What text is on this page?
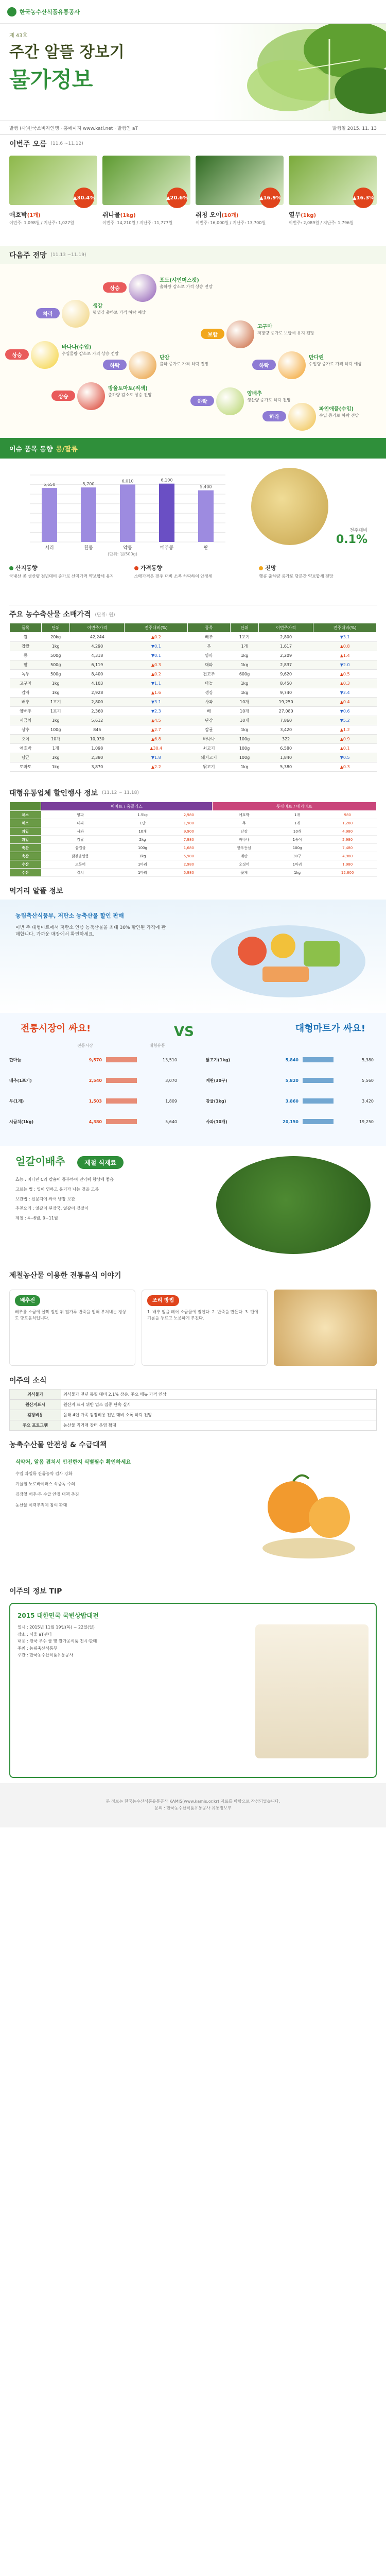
한국농수산식품유통공사
제 43호
주간 알뜰 장보기
물가정보
발행 (사)한국소비자연맹 · 홈페이지 www.kati.net · 발행인 aT	발행일 2015. 11. 13
이번주 오름 (11.6 ~11.12)
▲30.4%
애호박(1개)
이번주: 1,098원 / 지난주: 1,027원
▲20.6%
취나물(1kg)
이번주: 14,210원 / 지난주: 11,777원
▲16.9%
취청 오이(10개)
이번주: 16,000원 / 지난주: 13,700원
▲16.3%
열무(1kg)
이번주: 2,089원 / 지난주: 1,796원
다음주 전망 (11.13 ~11.19)
포도(샤인머스캣)
출하량 감소로 가격 상승 전망
상승
생강
햇생강 출하로 가격 하락 예상
하락
고구마
저장량 증가로 보합세 유지 전망
보합
바나나(수입)
수입물량 감소로 가격 상승 전망
상승	단감
출하 증가로 가격 하락 전망
하락
만다린
수입량 증가로 가격 하락 예상
하락
방울토마토(적색)
출하량 감소로 상승 전망
상승	양배추
생산량 증가로 하락 전망
하락
파인애플(수입)
수입 증가로 하락 전망
하락
이슈 품목 동향 콩/팥류
5,650
서리
5,700
흰콩
6,010
약콩
6,100
메주콩
5,400
팥
(단위: 원/500g)
전주대비
0.1%
산지동향
국내산 콩 생산량 전년대비 증가로 산지가격 약보합세 유지
가격동향
소매가격은 전주 대비 소폭 하락하여 안정세
전망
햇콩 출하량 증가로 당분간 약보합세 전망
주요 농수축산물 소매가격 (단위: 원)
품목	단위	이번주가격	전주대비(%)	품목	단위	이번주가격	전주대비(%)
쌀	20kg	42,244	▲0.2	배추	1포기	2,800	▼3.1
찹쌀	1kg	4,290	▼0.1	무	1개	1,617	▲0.8
콩	500g	4,318	▼0.1	양파	1kg	2,209	▲1.4
팥	500g	6,119	▲0.3	대파	1kg	2,837	▼2.0
녹두	500g	8,400	▲0.2	건고추	600g	9,620	▲0.5
고구마	1kg	4,103	▼1.1	마늘	1kg	8,450	▲0.3
감자	1kg	2,928	▲1.6	생강	1kg	9,740	▼2.4
배추	1포기	2,800	▼3.1	사과	10개	19,250	▲0.4
양배추	1포기	2,360	▼2.3	배	10개	27,080	▼0.6
시금치	1kg	5,612	▲4.5	단감	10개	7,860	▼5.2
상추	100g	845	▲2.7	감귤	1kg	3,420	▲1.2
오이	10개	10,930	▲6.8	바나나	100g	322	▲0.9
애호박	1개	1,098	▲30.4	쇠고기	100g	6,580	▲0.1
당근	1kg	2,380	▼1.8	돼지고기	100g	1,840	▼0.5
토마토	1kg	3,870	▲2.2	닭고기	1kg	5,380	▲0.3
대형유통업체 할인행사 정보 (11.12 ~ 11.18)
	이마트 / 홈플러스			롯데마트 / 메가마트		
채소	양파	1.5kg	2,980	애호박	1개	980
채소	대파	1단	1,980	무	1개	1,280
과일	사과	10개	9,900	단감	10개	4,980
과일	감귤	2kg	7,980	바나나	1송이	2,980
축산	삼겹살	100g	1,680	한우등심	100g	7,480
축산	닭볶음탕용	1kg	5,980	계란	30구	4,980
수산	고등어	1마리	2,980	오징어	1마리	1,980
수산	갈치	1마리	5,980	꽃게	1kg	12,800
먹거리 알뜰 정보
농림축산식품부, 저탄소 농축산물 할인 판매

이번 주 대형마트에서 저탄소 인증 농축산물을 최대 30% 할인된 가격에 판매합니다. 가까운 매장에서 확인하세요.

전통시장이 싸요!	VS	대형마트가 싸요!
전통시장	대형유통
깐마늘	9,570	13,510
배추(1포기)	2,540	3,070
무(1개)	1,503	1,809
시금치(1kg)	4,380	5,640
닭고기(1kg)	5,840	5,380
계란(30구)	5,820	5,560
감귤(1kg)	3,860	3,420
사과(10개)	20,150	19,250
얼갈이배추	제철 식재료
효능 : 비타민 C와 칼슘이 풍부하여 면역력 향상에 좋음
고르는 법 : 잎이 연하고 윤기가 나는 것을 고름
보관법 : 신문지에 싸서 냉장 보관
추천요리 : 얼갈이 된장국, 얼갈이 겉절이
제철 : 4~6월, 9~11월
제철농산물 이용한 전통음식 이야기
배추전

배추를 소금에 살짝 절인 뒤 밀가루 반죽을 입혀 부쳐내는 경상도 향토음식입니다.

조리 방법

1. 배추 잎을 떼어 소금물에 절인다. 2. 반죽을 만든다. 3. 팬에 기름을 두르고 노릇하게 부친다.

이주의 소식
외식물가	외식물가 전년 동월 대비 2.1% 상승, 주요 메뉴 가격 인상
원산지표시	원산지 표시 위반 업소 집중 단속 실시
김장비용	올해 4인 가족 김장비용 전년 대비 소폭 하락 전망
주요 포트그램	농산물 직거래 장터 운영 확대
농축수산물 안전성 & 수급대책
식약처, 알몸 겹쳐서 안전한지 식별필수 확인하세요
수입 과일류 잔류농약 검사 강화
겨울철 노로바이러스 식중독 주의
김장철 배추·무 수급 안정 대책 추진
농산물 이력추적제 참여 확대
이주의 정보 TIP
2015 대한민국 국빈상밥대전
일시 : 2015년 11월 19일(목) ~ 22일(일)
장소 : 서울 aT센터
내용 : 전국 우수 쌀 및 쌀가공식품 전시·판매
주최 : 농림축산식품부
주관 : 한국농수산식품유통공사
본 정보는 한국농수산식품유통공사 KAMIS(www.kamis.or.kr) 자료를 바탕으로 작성되었습니다.
문의 : 한국농수산식품유통공사 유통정보부
